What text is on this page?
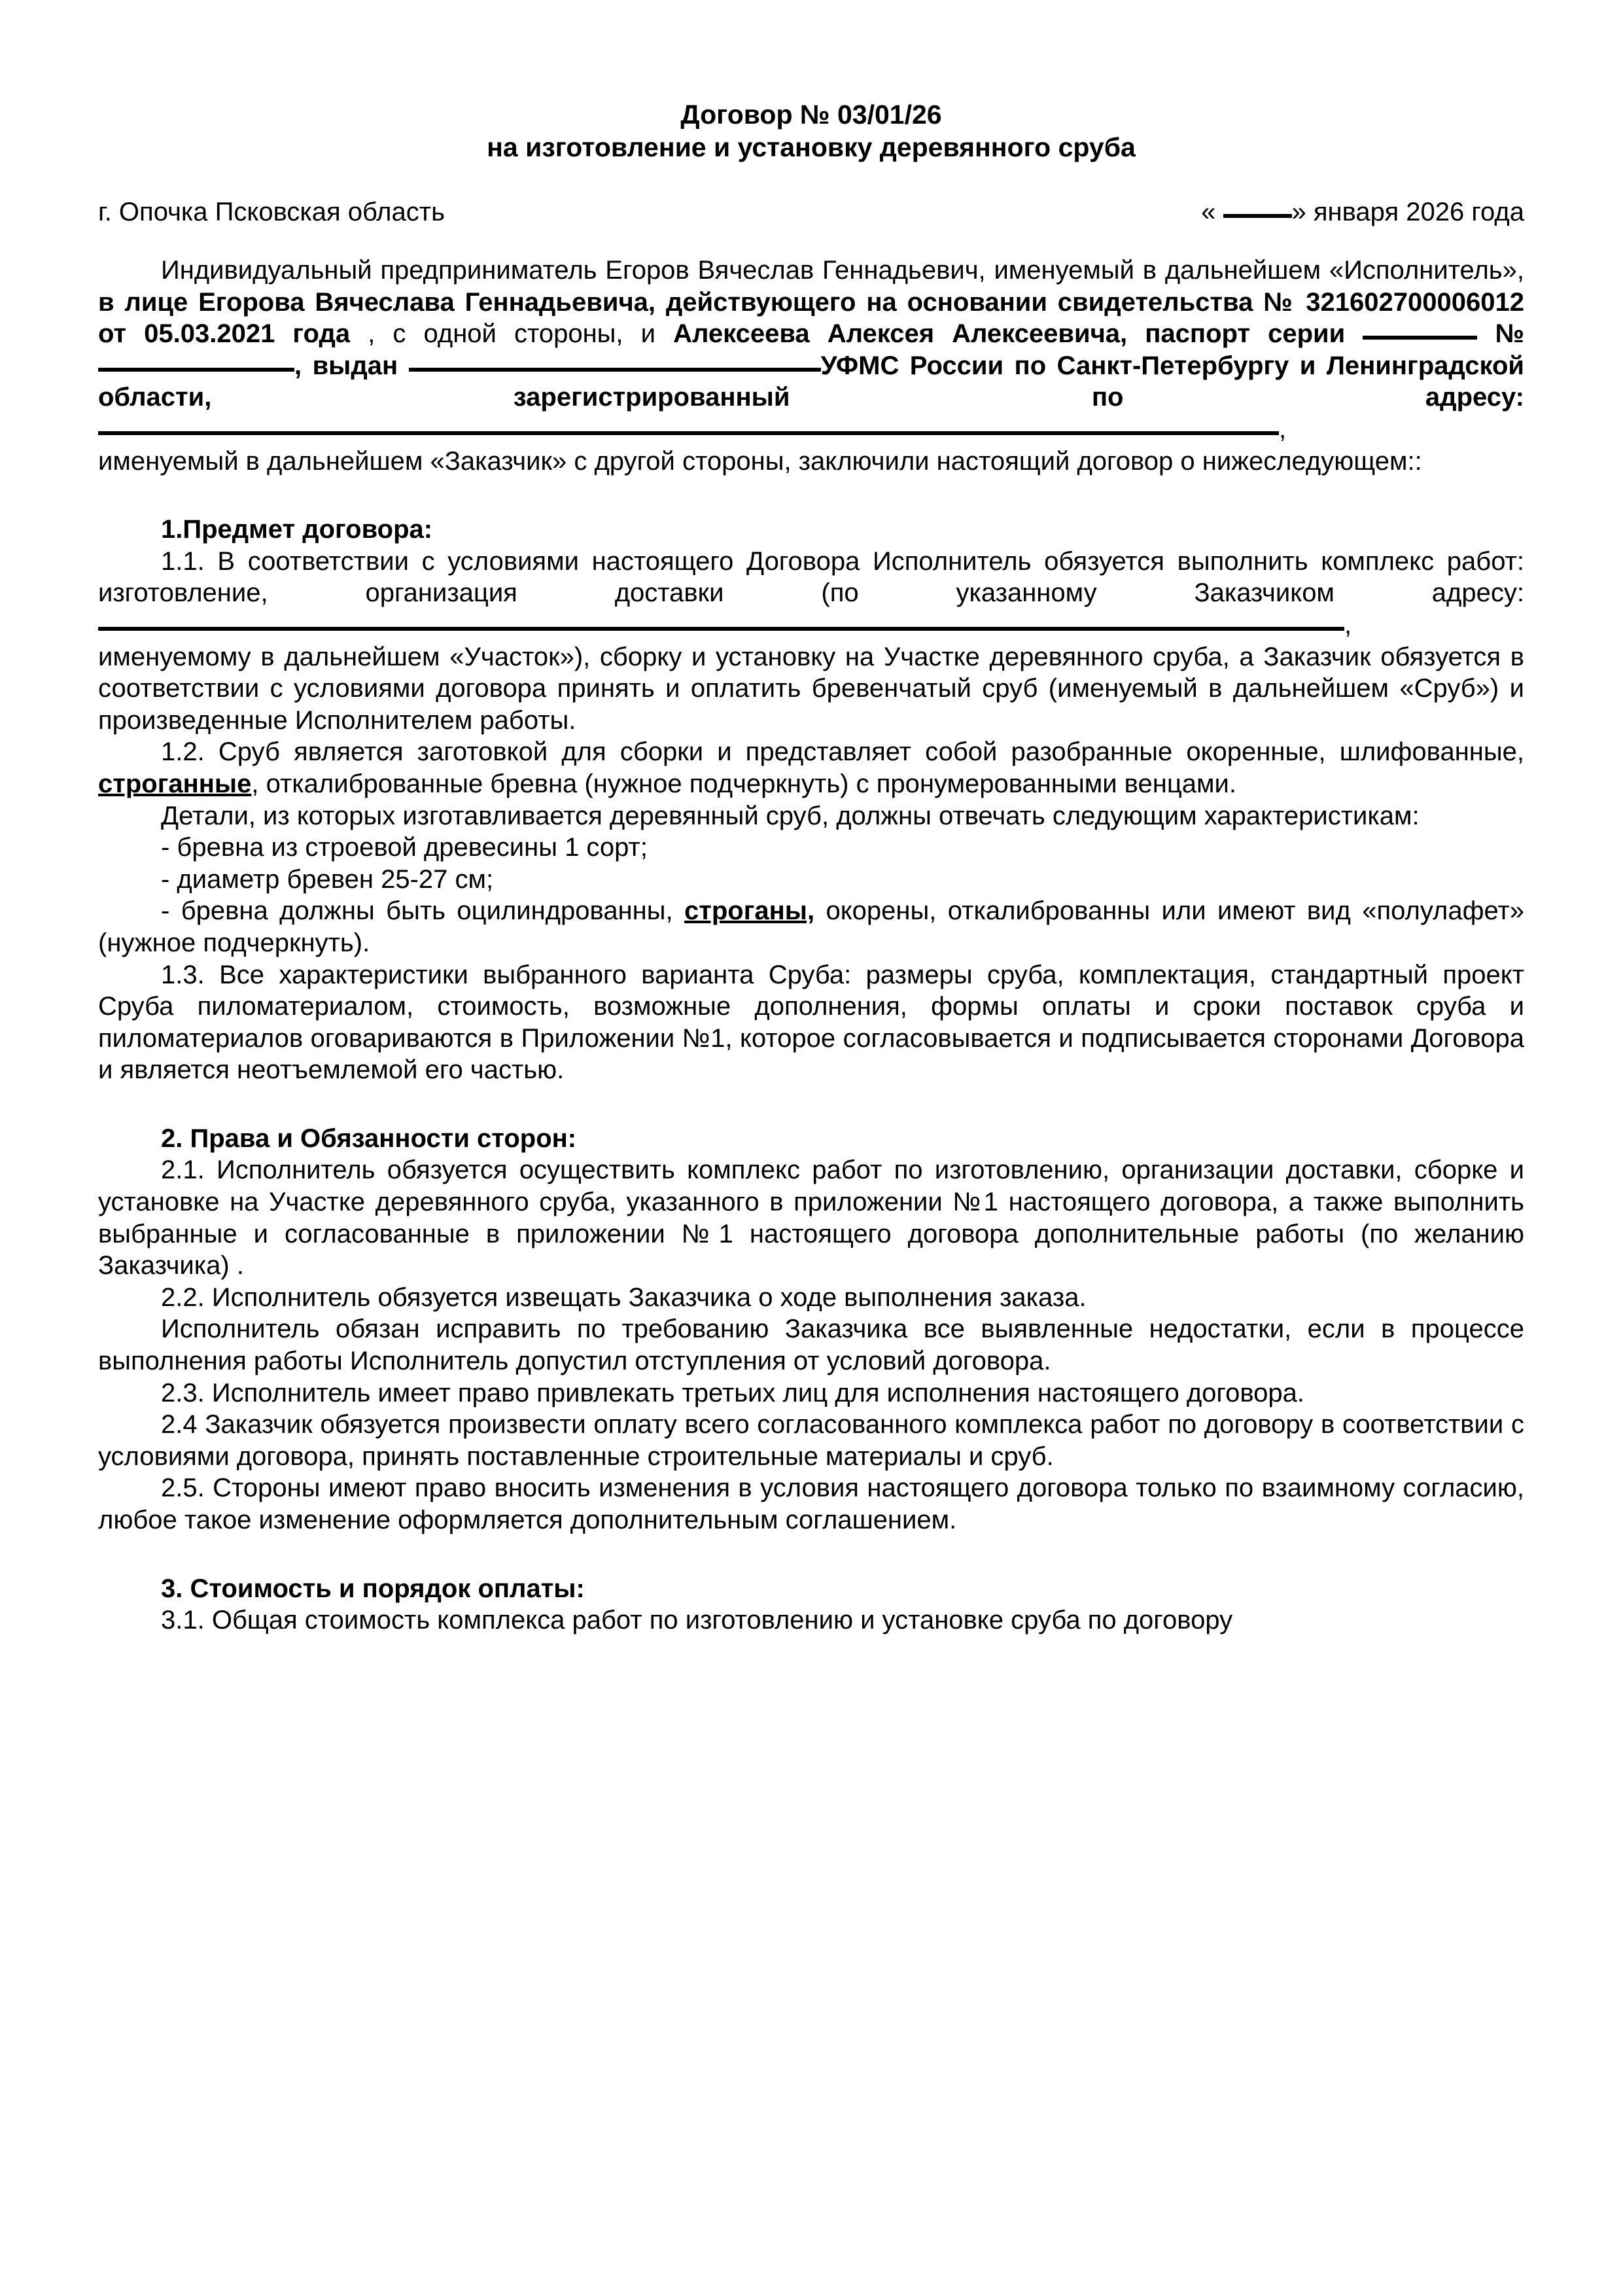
Договор № 03/01/26
на изготовление и установку деревянного сруба
г. Опочка Псковская область	«	» января 2026 года

Индивидуальный предприниматель Егоров Вячеслав Геннадьевич, именуемый в дальнейшем «Исполнитель», в лице Егорова Вячеслава Геннадьевича, действующего на основании свидетельства № 321602700006012 от 05.03.2021 года , с одной стороны, и Алексеева Алексея Алексеевича, паспорт серии	№ , выдан	УФМС России по Санкт-Петербургу и Ленинградской области, зарегистрированный по адресу: ,

именуемый в дальнейшем «Заказчик» с другой стороны, заключили настоящий договор о нижеследующем::

1.Предмет договора:

1.1. В соответствии с условиями настоящего Договора Исполнитель обязуется выполнить комплекс работ: изготовление, организация доставки (по указанному Заказчиком адресу: ,

именуемому в дальнейшем «Участок»), сборку и установку на Участке деревянного сруба, а Заказчик обязуется в соответствии с условиями договора принять и оплатить бревенчатый сруб (именуемый в дальнейшем «Сруб») и произведенные Исполнителем работы.

1.2. Сруб является заготовкой для сборки и представляет собой разобранные окоренные, шлифованные, строганные, откалиброванные бревна (нужное подчеркнуть) с пронумерованными венцами.

Детали, из которых изготавливается деревянный сруб, должны отвечать следующим характеристикам:

- бревна из строевой древесины 1 сорт;

- диаметр бревен 25-27 см;

- бревна должны быть оцилиндрованны, строганы, окорены, откалиброванны или имеют вид «полулафет» (нужное подчеркнуть).

1.3. Все характеристики выбранного варианта Сруба: размеры сруба, комплектация, стандартный проект Сруба пиломатериалом, стоимость, возможные дополнения, формы оплаты и сроки поставок сруба и пиломатериалов оговариваются в Приложении №1, которое согласовывается и подписывается сторонами Договора и является неотъемлемой его частью.

2. Права и Обязанности сторон:

2.1. Исполнитель обязуется осуществить комплекс работ по изготовлению, организации доставки, сборке и установке на Участке деревянного сруба, указанного в приложении №1 настоящего договора, а также выполнить выбранные и согласованные в приложении №1 настоящего договора дополнительные работы (по желанию Заказчика) .

2.2. Исполнитель обязуется извещать Заказчика о ходе выполнения заказа.

Исполнитель обязан исправить по требованию Заказчика все выявленные недостатки, если в процессе выполнения работы Исполнитель допустил отступления от условий договора.

2.3. Исполнитель имеет право привлекать третьих лиц для исполнения настоящего договора.

2.4 Заказчик обязуется произвести оплату всего согласованного комплекса работ по договору в соответствии с условиями договора, принять поставленные строительные материалы и сруб.

2.5. Стороны имеют право вносить изменения в условия настоящего договора только по взаимному согласию, любое такое изменение оформляется дополнительным соглашением.

3. Стоимость и порядок оплаты:

3.1. Общая стоимость комплекса работ по изготовлению и установке сруба по договору
